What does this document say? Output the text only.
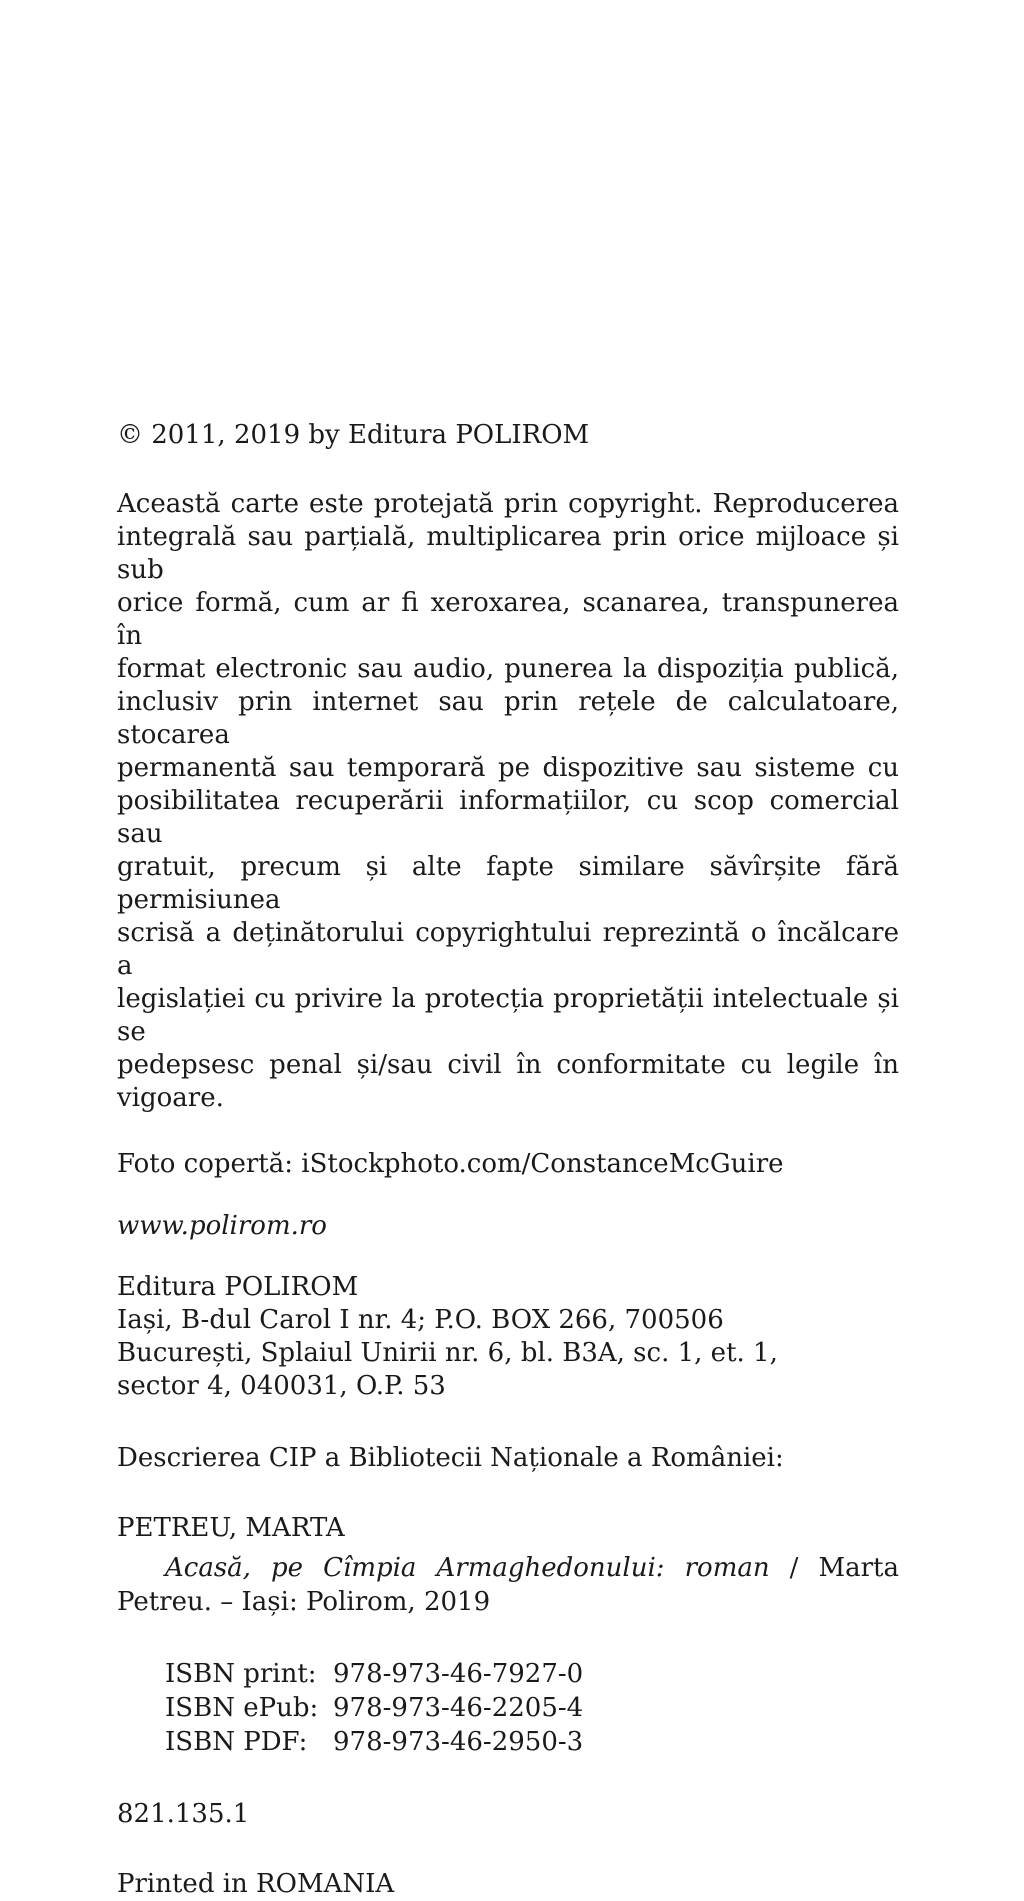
© 2011, 2019 by Editura POLIROM

Această carte este protejată prin copyright. Reproducerea

integrală sau parțială, multiplicarea prin orice mijloace și sub

orice formă, cum ar fi xeroxarea, scanarea, transpunerea în

format electronic sau audio, punerea la dispoziția publică,

inclusiv prin internet sau prin rețele de calculatoare, stocarea

permanentă sau temporară pe dispozitive sau sisteme cu

posibilitatea recuperării informațiilor, cu scop comercial sau

gratuit, precum și alte fapte similare săvîrșite fără permisiunea

scrisă a deținătorului copyrightului reprezintă o încălcare a

legislației cu privire la protecția proprietății intelectuale și se

pedepsesc penal și/sau civil în conformitate cu legile în vigoare.

Foto copertă: iStockphoto.com/ConstanceMcGuire

www.polirom.ro

Editura POLIROM

Iași, B-dul Carol I nr. 4; P.O. BOX 266, 700506

București, Splaiul Unirii nr. 6, bl. B3A, sc. 1, et. 1,

sector 4, 040031, O.P. 53

Descrierea CIP a Bibliotecii Naționale a României:

PETREU, MARTA

Acasă, pe Cîmpia Armaghedonului: roman / Marta
Petreu. – Iași: Polirom, 2019

ISBN print: 978-973-46-7927-0
ISBN ePub: 978-973-46-2205-4
ISBN PDF: 978-973-46-2950-3

821.135.1

Printed in ROMANIA
